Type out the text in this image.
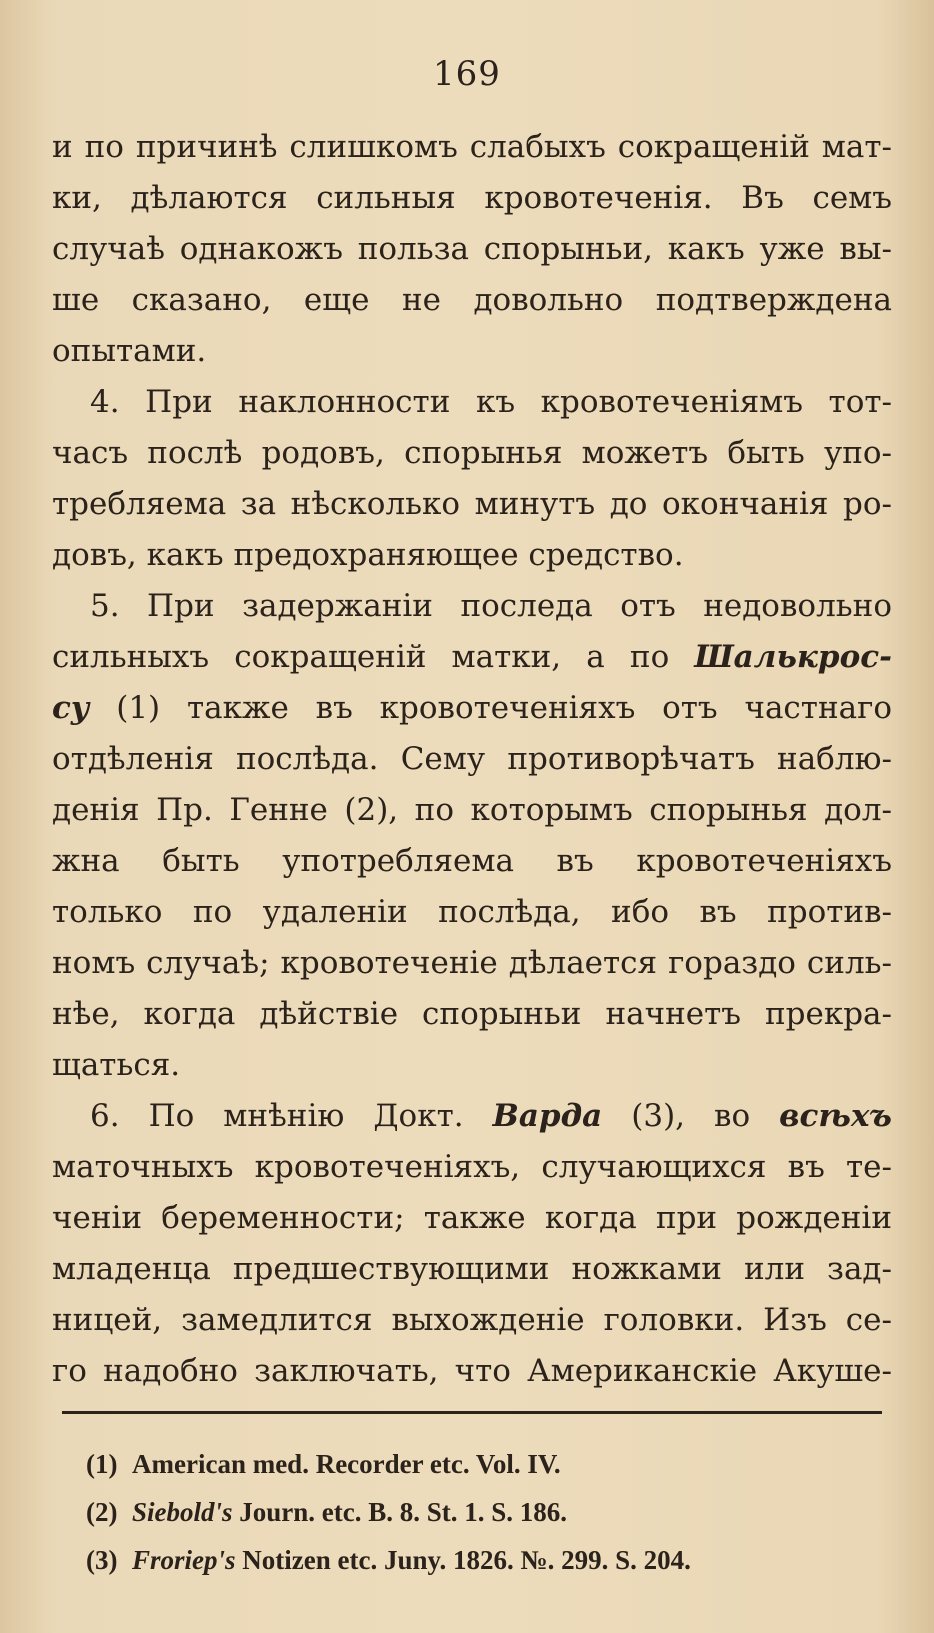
169
и по причинѣ слишкомъ слабыхъ сокращеній мат-
ки, дѣлаются сильныя кровотеченія. Въ семъ
случаѣ однакожъ польза спорыньи, какъ уже вы-
ше сказано, еще не довольно подтверждена
опытами.
4. При наклонности къ кровотеченіямъ тот-
часъ послѣ родовъ, спорынья можетъ быть упо-
требляема за нѣсколько минутъ до окончанія ро-
довъ, какъ предохраняющее средство.
5. При задержаніи последа отъ недовольно
сильныхъ сокращеній матки, а по Шалькрос-
су (1) также въ кровотеченіяхъ отъ частнаго
отдѣленія послѣда. Сему противорѣчатъ наблю-
денія Пр. Генне (2), по которымъ спорынья дол-
жна быть употребляема въ кровотеченіяхъ
только по удаленіи послѣда, ибо въ против-
номъ случаѣ; кровотеченіе дѣлается гораздо силь-
нѣе, когда дѣйствіе спорыньи начнетъ прекра-
щаться.
6. По мнѣнію Докт. Варда (3), во всѣхъ
маточныхъ кровотеченіяхъ, случающихся въ те-
ченіи беременности; также когда при рожденіи
младенца предшествующими ножками или зад-
ницей, замедлится выхожденіе головки. Изъ се-
го надобно заключать, что Американскіе Акуше-
(1) American med. Recorder etc. Vol. IV.
(2) Siebold's Journ. etc. B. 8. St. 1. S. 186.
(3) Froriep's Notizen etc. Juny. 1826. №. 299. S. 204.
